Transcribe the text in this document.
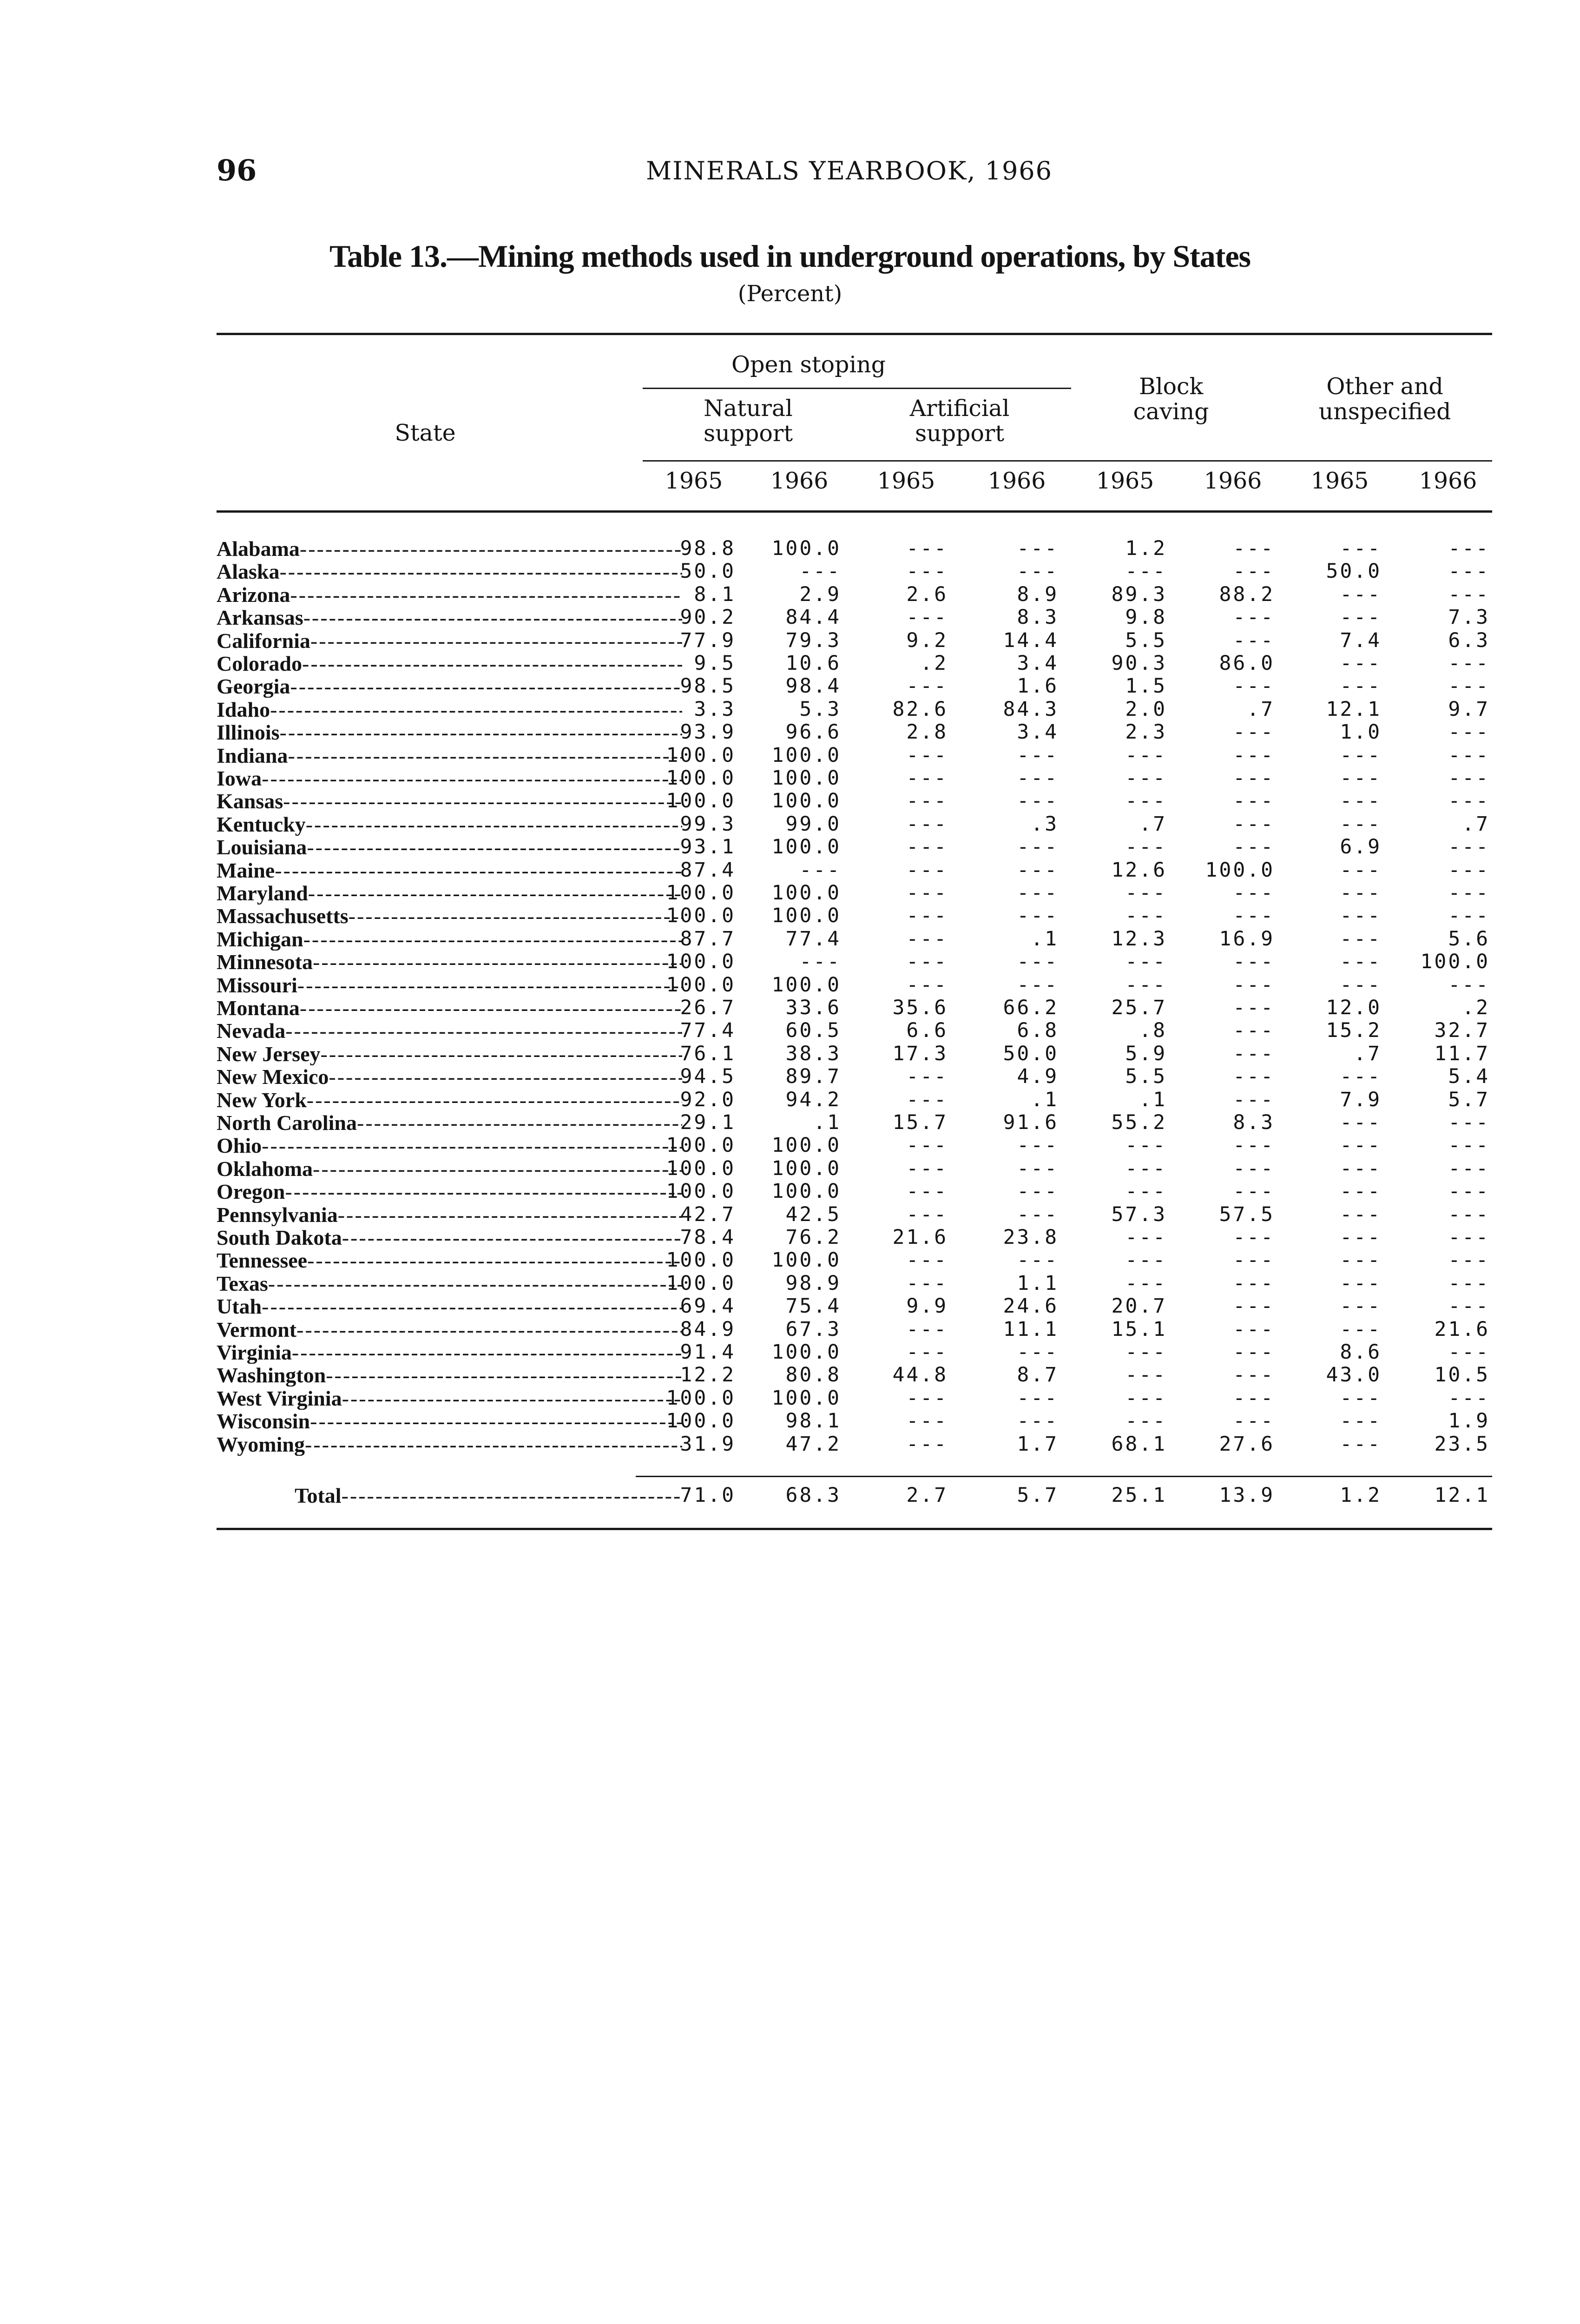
96	MINERALS YEARBOOK, 1966
Table 13.—Mining methods used in underground operations, by States
(Percent)
State
Open stoping
Natural
support
Artificial
support
Block
caving
Other and
unspecified
1965	1966	1965	1966	1965	1966	1965	1966
Alabama -----	98.8	100.0	---	---	1.2	---	---	---
Alaska -----	50.0	---	---	---	---	---	50.0	---
Arizona -----	8.1	2.9	2.6	8.9	89.3	88.2	---	---
Arkansas -----	90.2	84.4	---	8.3	9.8	---	---	7.3
California -----	77.9	79.3	9.2	14.4	5.5	---	7.4	6.3
Colorado -----	9.5	10.6	.2	3.4	90.3	86.0	---	---
Georgia -----	98.5	98.4	---	1.6	1.5	---	---	---
Idaho -----	3.3	5.3	82.6	84.3	2.0	.7	12.1	9.7
Illinois -----	93.9	96.6	2.8	3.4	2.3	---	1.0	---
Indiana -----	100.0	100.0	---	---	---	---	---	---
Iowa -----	100.0	100.0	---	---	---	---	---	---
Kansas -----	100.0	100.0	---	---	---	---	---	---
Kentucky -----	99.3	99.0	---	.3	.7	---	---	.7
Louisiana -----	93.1	100.0	---	---	---	---	6.9	---
Maine -----	87.4	---	---	---	12.6	100.0	---	---
Maryland -----	100.0	100.0	---	---	---	---	---	---
Massachusetts -----	100.0	100.0	---	---	---	---	---	---
Michigan -----	87.7	77.4	---	.1	12.3	16.9	---	5.6
Minnesota -----	100.0	---	---	---	---	---	---	100.0
Missouri -----	100.0	100.0	---	---	---	---	---	---
Montana -----	26.7	33.6	35.6	66.2	25.7	---	12.0	.2
Nevada -----	77.4	60.5	6.6	6.8	.8	---	15.2	32.7
New Jersey -----	76.1	38.3	17.3	50.0	5.9	---	.7	11.7
New Mexico -----	94.5	89.7	---	4.9	5.5	---	---	5.4
New York -----	92.0	94.2	---	.1	.1	---	7.9	5.7
North Carolina -----	29.1	.1	15.7	91.6	55.2	8.3	---	---
Ohio -----	100.0	100.0	---	---	---	---	---	---
Oklahoma -----	100.0	100.0	---	---	---	---	---	---
Oregon -----	100.0	100.0	---	---	---	---	---	---
Pennsylvania -----	42.7	42.5	---	---	57.3	57.5	---	---
South Dakota -----	78.4	76.2	21.6	23.8	---	---	---	---
Tennessee -----	100.0	100.0	---	---	---	---	---	---
Texas -----	100.0	98.9	---	1.1	---	---	---	---
Utah -----	69.4	75.4	9.9	24.6	20.7	---	---	---
Vermont -----	84.9	67.3	---	11.1	15.1	---	---	21.6
Virginia -----	91.4	100.0	---	---	---	---	8.6	---
Washington -----	12.2	80.8	44.8	8.7	---	---	43.0	10.5
West Virginia -----	100.0	100.0	---	---	---	---	---	---
Wisconsin -----	100.0	98.1	---	---	---	---	---	1.9
Wyoming -----	31.9	47.2	---	1.7	68.1	27.6	---	23.5
Total -----	71.0	68.3	2.7	5.7	25.1	13.9	1.2	12.1
